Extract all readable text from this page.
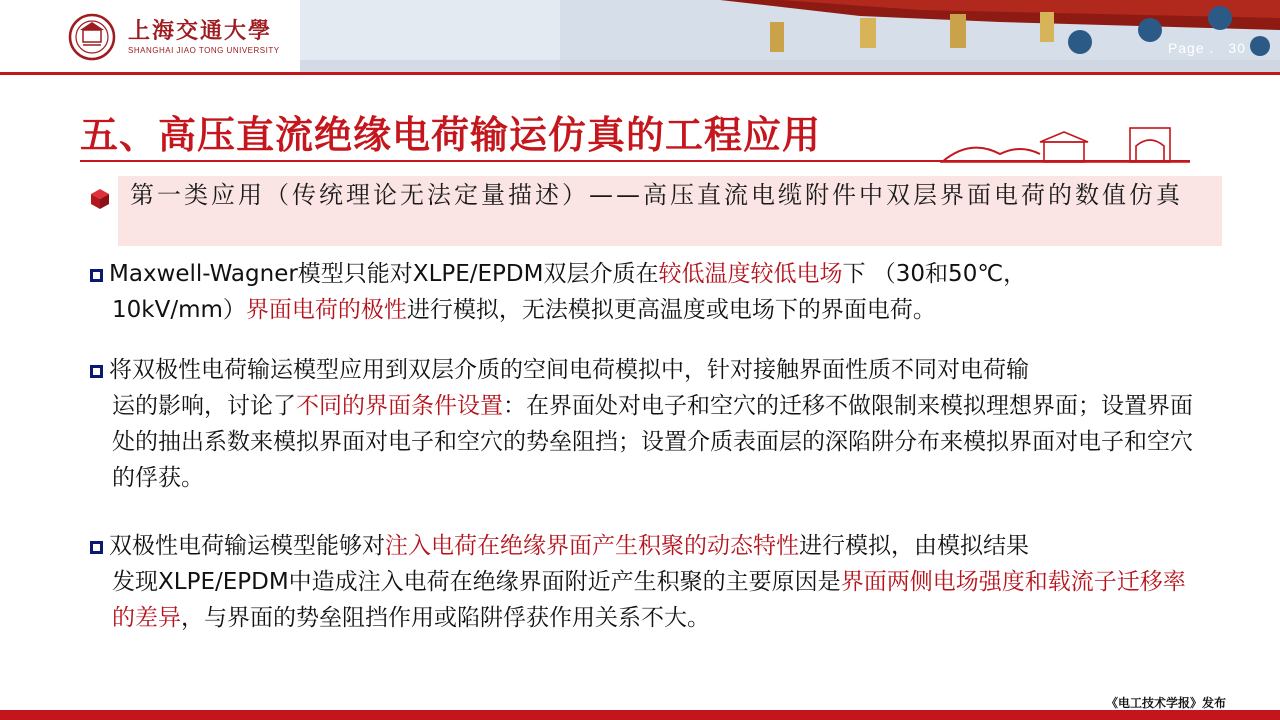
上海交通大學
SHANGHAI JIAO TONG UNIVERSITY	Page . 30
五、高压直流绝缘电荷输运仿真的工程应用
第一类应用（传统理论无法定量描述）——高压直流电缆附件中双层界面电荷的数值仿真
Maxwell-Wagner模型只能对XLPE/EPDM双层介质在较低温度较低电场下 （30和50℃，
10kV/mm）界面电荷的极性进行模拟，无法模拟更高温度或电场下的界面电荷。
将双极性电荷输运模型应用到双层介质的空间电荷模拟中，针对接触界面性质不同对电荷输
运的影响，讨论了不同的界面条件设置：在界面处对电子和空穴的迁移不做限制来模拟理想界面；设置界面处的抽出系数来模拟界面对电子和空穴的势垒阻挡；设置介质表面层的深陷阱分布来模拟界面对电子和空穴的俘获。
双极性电荷输运模型能够对注入电荷在绝缘界面产生积聚的动态特性进行模拟，由模拟结果
发现XLPE/EPDM中造成注入电荷在绝缘界面附近产生积聚的主要原因是界面两侧电场强度和载流子迁移率的差异，与界面的势垒阻挡作用或陷阱俘获作用关系不大。
《电工技术学报》发布
